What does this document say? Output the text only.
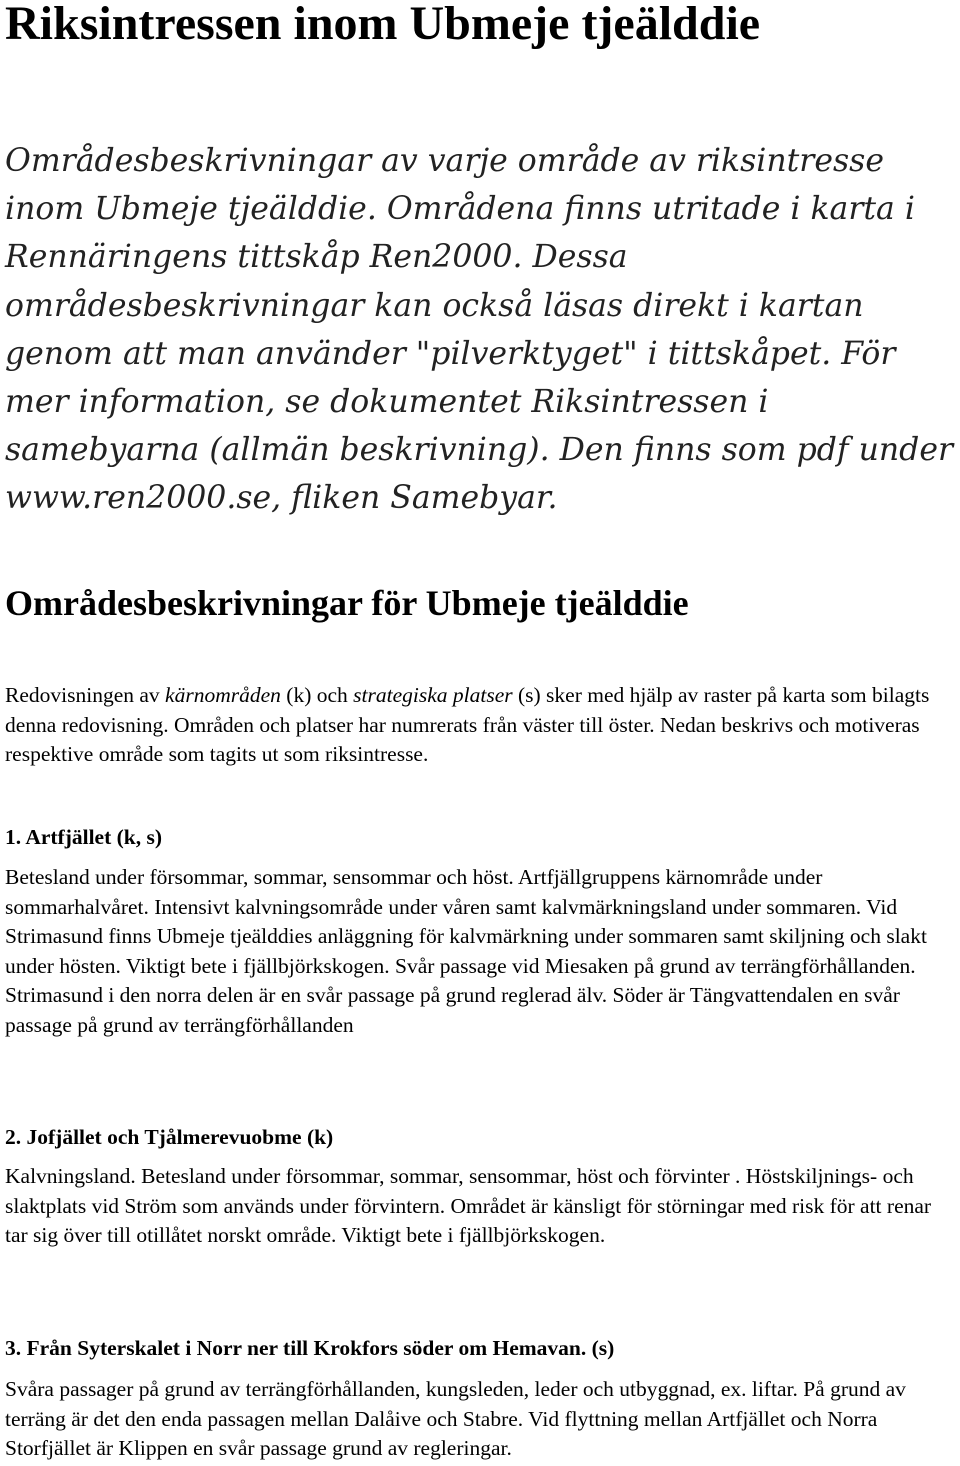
Riksintressen inom Ubmeje tjeälddie

Områdesbeskrivningar av varje område av riksintresse inom Ubmeje tjeälddie. Områdena finns utritade i karta i Rennäringens tittskåp Ren2000. Dessa områdesbeskrivningar kan också läsas direkt i kartan genom att man använder "pilverktyget" i tittskåpet. För mer information, se dokumentet Riksintressen i samebyarna (allmän beskrivning). Den finns som pdf under www.ren2000.se, fliken Samebyar.

Områdesbeskrivningar för Ubmeje tjeälddie

Redovisningen av kärnområden (k) och strategiska platser (s) sker med hjälp av raster på karta som bilagts denna redovisning. Områden och platser har numrerats från väster till öster. Nedan beskrivs och motiveras respektive område som tagits ut som riksintresse.

1. Artfjället (k, s)

Betesland under försommar, sommar, sensommar och höst. Artfjällgruppens kärnområde under sommarhalvåret. Intensivt kalvningsområde under våren samt kalvmärkningsland under sommaren. Vid Strimasund finns Ubmeje tjeälddies anläggning för kalvmärkning under sommaren samt skiljning och slakt under hösten. Viktigt bete i fjällbjörkskogen. Svår passage vid Miesaken på grund av terrängförhållanden. Strimasund i den norra delen är en svår passage på grund reglerad älv. Söder är Tängvattendalen en svår passage på grund av terrängförhållanden

2. Jofjället och Tjålmerevuobme (k)

Kalvningsland. Betesland under försommar, sommar, sensommar, höst och förvinter . Höstskiljnings- och slaktplats vid Ström som används under förvintern. Området är känsligt för störningar med risk för att renar tar sig över till otillåtet norskt område. Viktigt bete i fjällbjörkskogen.

3. Från Syterskalet i Norr ner till Krokfors söder om Hemavan. (s)

Svåra passager på grund av terrängförhållanden, kungsleden, leder och utbyggnad, ex. liftar. På grund av terräng är det den enda passagen mellan Dalåive och Stabre. Vid flyttning mellan Artfjället och Norra Storfjället är Klippen en svår passage grund av regleringar.
